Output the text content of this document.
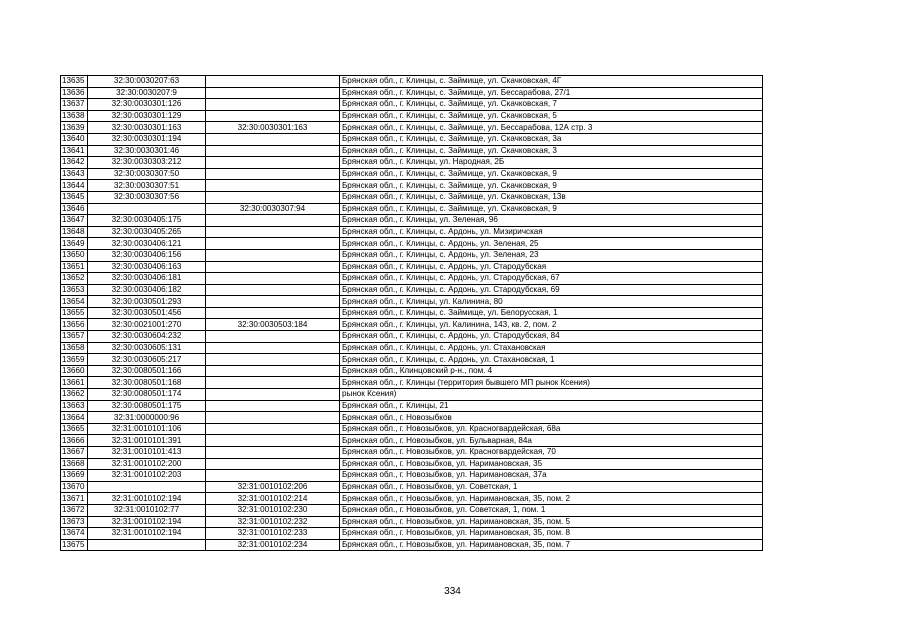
13635	32:30:0030207:63		Брянская обл., г. Клинцы, с. Займище, ул. Скачковская, 4Г
13636	32:30:0030207:9		Брянская обл., г. Клинцы, с. Займище, ул. Бессарабова, 27/1
13637	32:30:0030301:126		Брянская обл., г. Клинцы, с. Займище, ул. Скачковская, 7
13638	32:30:0030301:129		Брянская обл., г. Клинцы, с. Займище, ул. Скачковская, 5
13639	32:30:0030301:163	32:30:0030301:163	Брянская обл., г. Клинцы, с. Займище, ул. Бессарабова, 12А стр. 3
13640	32:30:0030301:194		Брянская обл., г. Клинцы, с. Займище, ул. Скачковская, 3а
13641	32:30:0030301:46		Брянская обл., г. Клинцы, с. Займище, ул. Скачковская, 3
13642	32:30:0030303:212		Брянская обл., г. Клинцы, ул. Народная, 2Б
13643	32:30:0030307:50		Брянская обл., г. Клинцы, с. Займище, ул. Скачковская, 9
13644	32:30:0030307:51		Брянская обл., г. Клинцы, с. Займище, ул. Скачковская, 9
13645	32:30:0030307:56		Брянская обл., г. Клинцы, с. Займище, ул. Скачковская, 13в
13646		32:30:0030307:94	Брянская обл., г. Клинцы, с. Займище, ул. Скачковская, 9
13647	32:30:0030405:175		Брянская обл., г. Клинцы, ул. Зеленая, 96
13648	32:30:0030405:265		Брянская обл., г. Клинцы, с. Ардонь, ул. Мизиричская
13649	32:30:0030406:121		Брянская обл., г. Клинцы, с. Ардонь, ул. Зеленая, 25
13650	32:30:0030406:156		Брянская обл., г. Клинцы, с. Ардонь, ул. Зеленая, 23
13651	32:30:0030406:163		Брянская обл., г. Клинцы, с. Ардонь, ул. Стародубская
13652	32:30:0030406:181		Брянская обл., г. Клинцы, с. Ардонь, ул. Стародубская, 67
13653	32:30:0030406:182		Брянская обл., г. Клинцы, с. Ардонь, ул. Стародубская, 69
13654	32:30:0030501:293		Брянская обл., г. Клинцы, ул. Калинина, 80
13655	32:30:0030501:456		Брянская обл., г. Клинцы, с. Займище, ул. Белорусская, 1
13656	32:30:0021001:270	32:30:0030503:184	Брянская обл., г. Клинцы, ул. Калинина, 143, кв. 2, пом. 2
13657	32:30:0030604:232		Брянская обл., г. Клинцы, с. Ардонь, ул. Стародубская, 84
13658	32:30:0030605:131		Брянская обл., г. Клинцы, с. Ардонь, ул. Стахановская
13659	32:30:0030605:217		Брянская обл., г. Клинцы, с. Ардонь, ул. Стахановская, 1
13660	32:30:0080501:166		Брянская обл., Клинцовский р-н., пом. 4
13661	32:30:0080501:168		Брянская обл., г. Клинцы (территория бывшего МП рынок Ксения)
13662	32:30:0080501:174		рынок Ксения)
13663	32:30:0080501:175		Брянская обл., г. Клинцы, 21
13664	32:31:0000000:96		Брянская обл., г. Новозыбков
13665	32:31:0010101:106		Брянская обл., г. Новозыбков, ул. Красногвардейская, 68а
13666	32:31:0010101:391		Брянская обл., г. Новозыбков, ул. Бульварная, 84а
13667	32:31:0010101:413		Брянская обл., г. Новозыбков, ул. Красногвардейская, 70
13668	32:31:0010102:200		Брянская обл., г. Новозыбков, ул. Наримановская, 35
13669	32:31:0010102:203		Брянская обл., г. Новозыбков, ул. Наримановская, 37а
13670		32:31:0010102:206	Брянская обл., г. Новозыбков, ул. Советская, 1
13671	32:31:0010102:194	32:31:0010102:214	Брянская обл., г. Новозыбков, ул. Наримановская, 35, пом. 2
13672	32:31:0010102:77	32:31:0010102:230	Брянская обл., г. Новозыбков, ул. Советская, 1, пом. 1
13673	32:31:0010102:194	32:31:0010102:232	Брянская обл., г. Новозыбков, ул. Наримановская, 35, пом. 5
13674	32:31:0010102:194	32:31:0010102:233	Брянская обл., г. Новозыбков, ул. Наримановская, 35, пом. 8
13675		32:31:0010102:234	Брянская обл., г. Новозыбков, ул. Наримановская, 35, пом. 7
334
